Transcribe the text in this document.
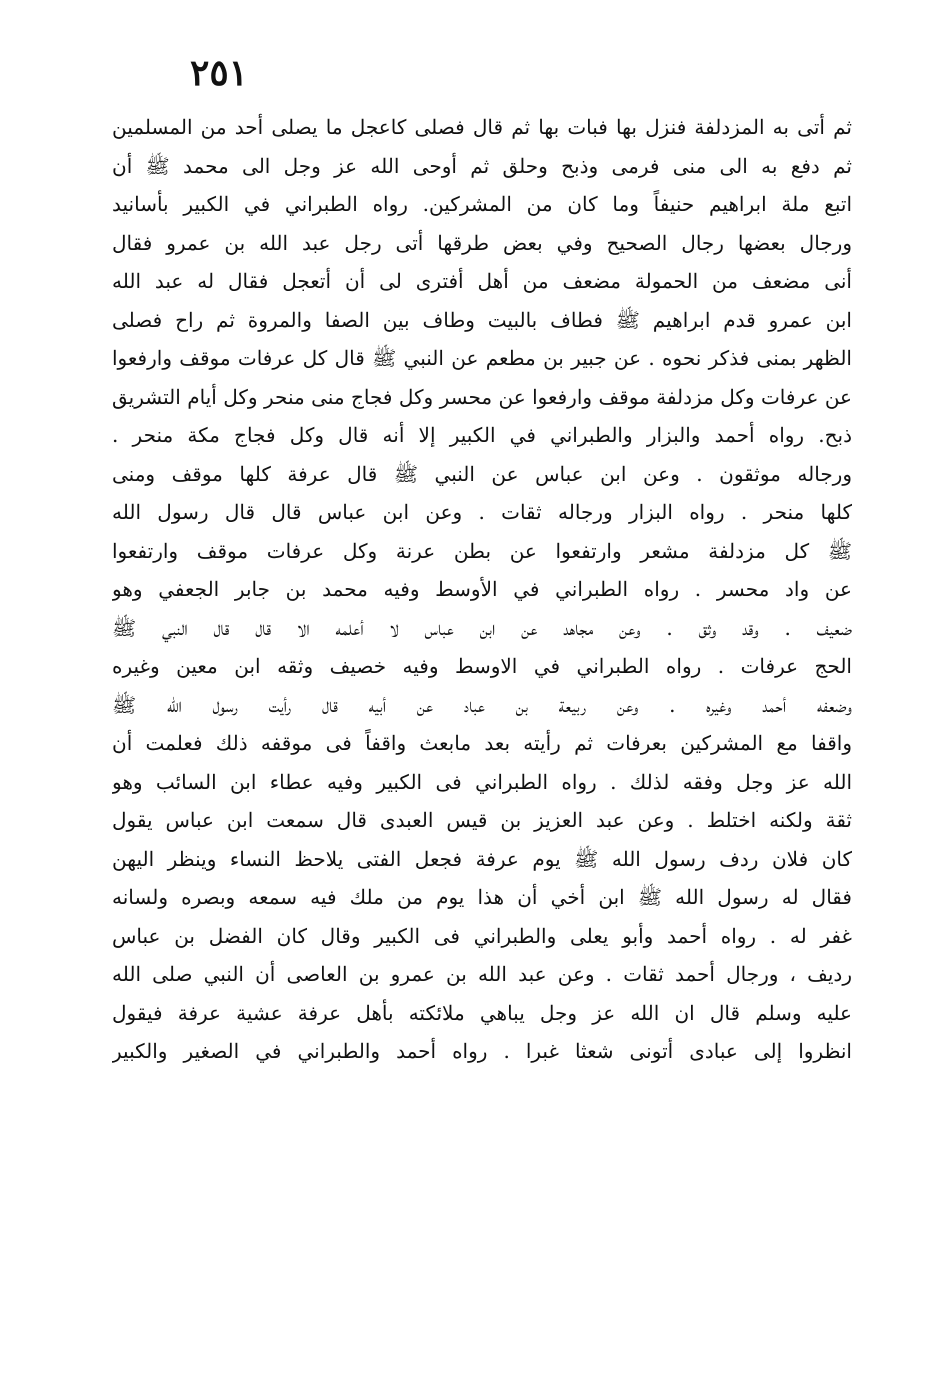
٢٥١
ثم أتى به المزدلفة فنزل بها فبات بها ثم قال فصلى كاعجل ما يصلى أحد من المسلمين
ثم دفع به الى منى فرمى وذبح وحلق ثم أوحى الله عز وجل الى محمد ﷺ أن
اتبع ملة ابراهيم حنيفاً وما كان من المشركين. رواه الطبراني في الكبير بأسانيد
ورجال بعضها رجال الصحيح وفي بعض طرقها أتى رجل عبد الله بن عمرو فقال
أنى مضعف من الحمولة مضعف من أهل أفترى لى أن أتعجل فقال له عبد الله
ابن عمرو قدم ابراهيم ﷺ فطاف بالبيت وطاف بين الصفا والمروة ثم راح فصلى
الظهر بمنى فذكر نحوه . عن جبير بن مطعم عن النبي ﷺ قال كل عرفات موقف وارفعوا
عن عرفات وكل مزدلفة موقف وارفعوا عن محسر وكل فجاج منى منحر وكل أيام التشريق
ذبح. رواه أحمد والبزار والطبراني في الكبير إلا أنه قال وكل فجاج مكة منحر .
ورجاله موثقون . وعن ابن عباس عن النبي ﷺ قال عرفة كلها موقف ومنى
كلها منحر . رواه البزار ورجاله ثقات . وعن ابن عباس قال قال رسول الله
ﷺ كل مزدلفة مشعر وارتفعوا عن بطن عرنة وكل عرفات موقف وارتفعوا
عن واد محسر . رواه الطبراني في الأوسط وفيه محمد بن جابر الجعفي وهو
ضعيف . وقد وثق . وعن مجاهد عن ابن عباس لا أعلمه الا قال قال النبي ﷺ
الحج عرفات . رواه الطبراني في الاوسط وفيه خصيف وثقه ابن معين وغيره
وضعفه أحمد وغيره . وعن ربيعة بن عباد عن أبيه قال رأيت رسول الله ﷺ
واقفا مع المشركين بعرفات ثم رأيته بعد مابعث واقفاً فى موقفه ذلك فعلمت أن
الله عز وجل وفقه لذلك . رواه الطبراني فى الكبير وفيه عطاء ابن السائب وهو
ثقة ولكنه اختلط . وعن عبد العزيز بن قيس العبدى قال سمعت ابن عباس يقول
كان فلان ردف رسول الله ﷺ يوم عرفة فجعل الفتى يلاحظ النساء وينظر اليهن
فقال له رسول الله ﷺ ابن أخي أن هذا يوم من ملك فيه سمعه وبصره ولسانه
غفر له . رواه أحمد وأبو يعلى والطبراني فى الكبير وقال كان الفضل بن عباس
رديف ، ورجال أحمد ثقات . وعن عبد الله بن عمرو بن العاصى أن النبي صلى الله
عليه وسلم قال ان الله عز وجل يباهي ملائكته بأهل عرفة عشية عرفة فيقول
انظروا إلى عبادى أتونى شعثا غبرا . رواه أحمد والطبراني في الصغير والكبير
